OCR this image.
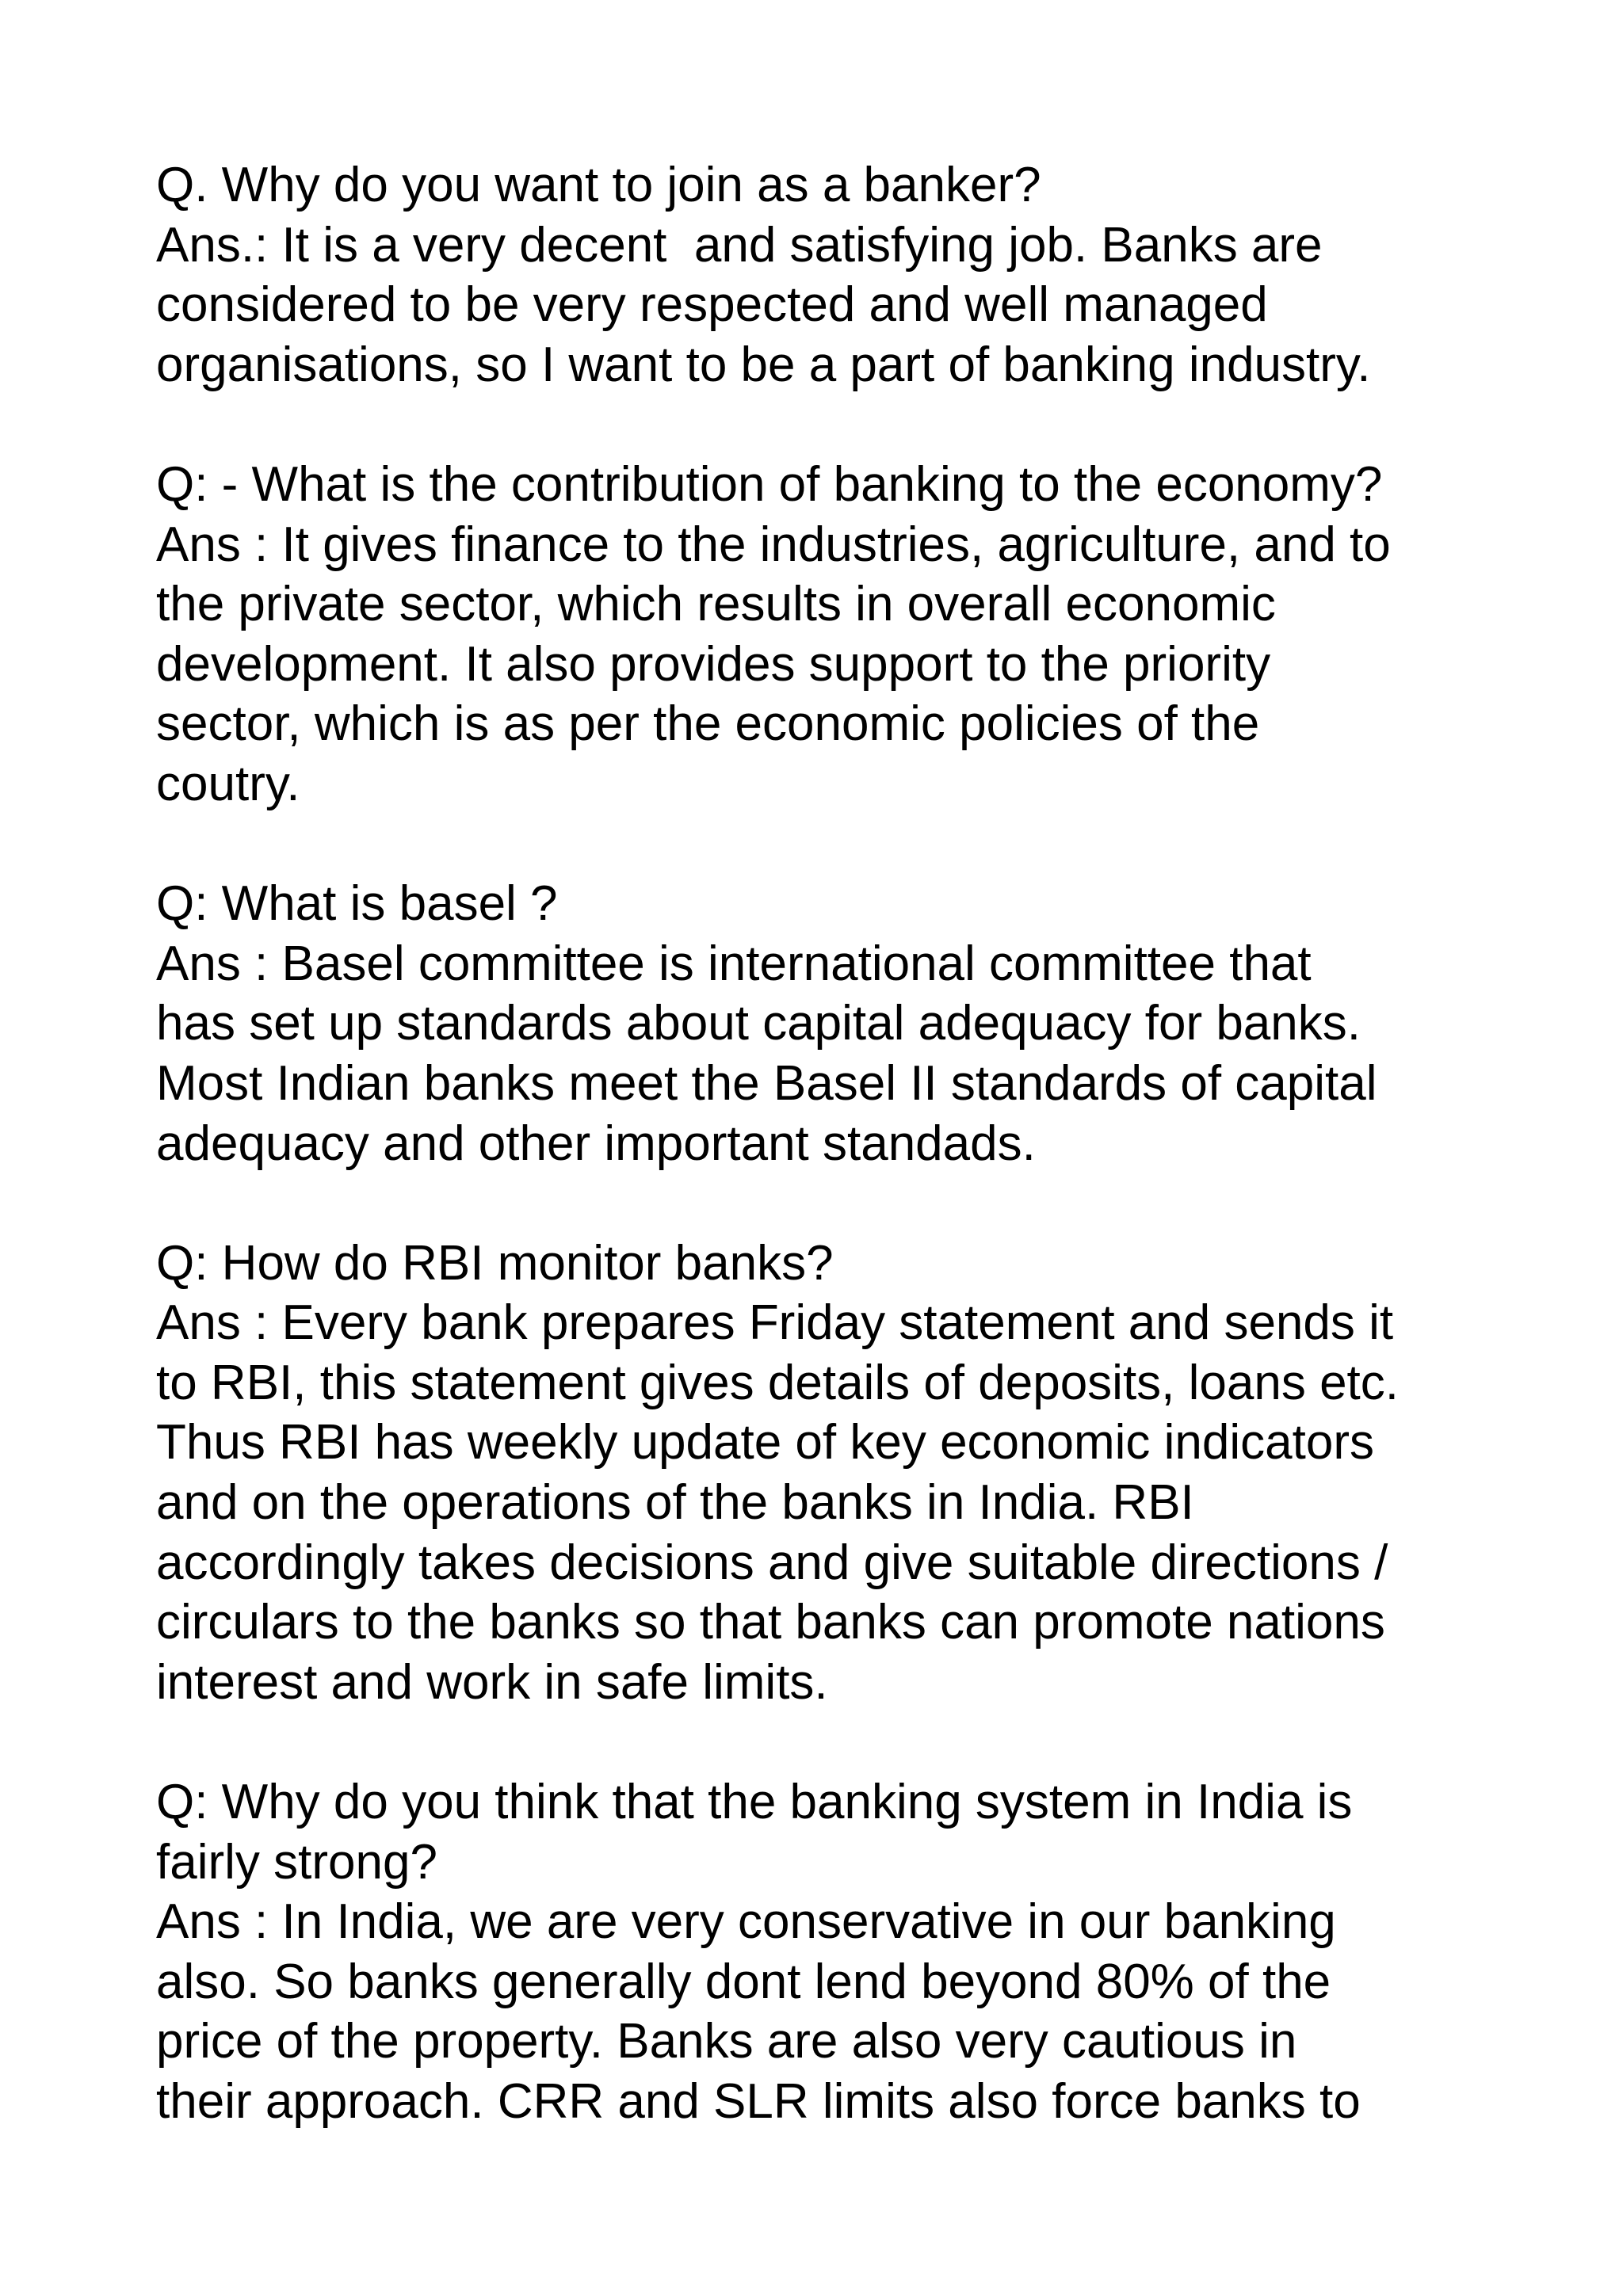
Q. Why do you want to join as a banker?
Ans.: It is a very decent  and satisfying job. Banks are
considered to be very respected and well managed
organisations, so I want to be a part of banking industry.
Q: - What is the contribution of banking to the economy?
Ans : It gives finance to the industries, agriculture, and to
the private sector, which results in overall economic
development. It also provides support to the priority
sector, which is as per the economic policies of the
coutry.
Q: What is basel ?
Ans : Basel committee is international committee that
has set up standards about capital adequacy for banks.
Most Indian banks meet the Basel II standards of capital
adequacy and other important standads.
Q: How do RBI monitor banks?
Ans : Every bank prepares Friday statement and sends it
to RBI, this statement gives details of deposits, loans etc.
Thus RBI has weekly update of key economic indicators
and on the operations of the banks in India. RBI
accordingly takes decisions and give suitable directions /
circulars to the banks so that banks can promote nations
interest and work in safe limits.
Q: Why do you think that the banking system in India is
fairly strong?
Ans : In India, we are very conservative in our banking
also. So banks generally dont lend beyond 80% of the
price of the property. Banks are also very cautious in
their approach. CRR and SLR limits also force banks to
